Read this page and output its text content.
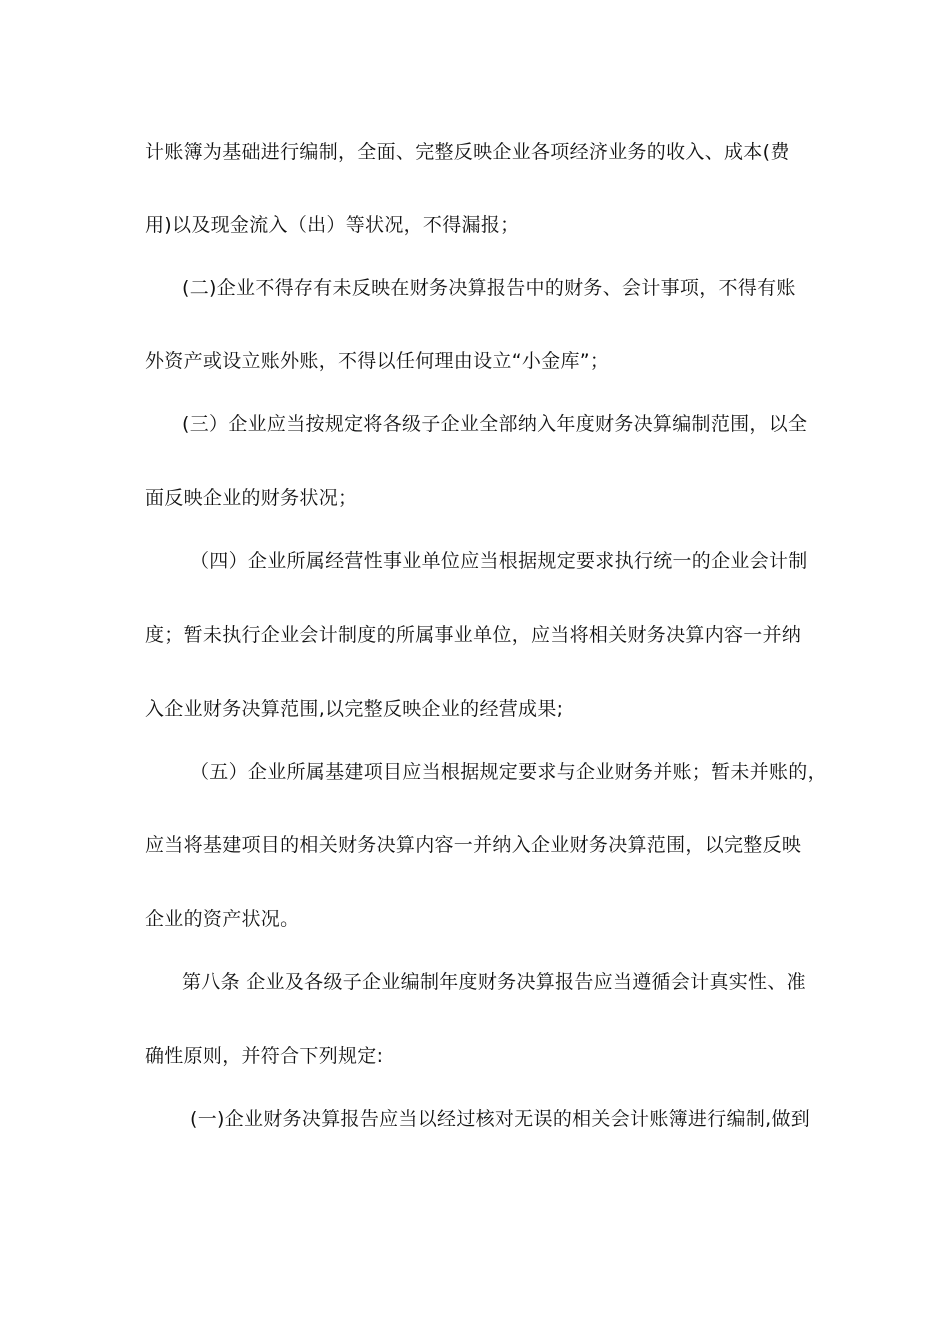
计账簿为基础进行编制，全面、完整反映企业各项经济业务的收入、成本(费
用)以及现金流入（出）等状况，不得漏报；
(二)企业不得存有未反映在财务决算报告中的财务、会计事项，不得有账
外资产或设立账外账，不得以任何理由设立“小金库”；
(三）企业应当按规定将各级子企业全部纳入年度财务决算编制范围，以全
面反映企业的财务状况；
（四）企业所属经营性事业单位应当根据规定要求执行统一的企业会计制
度；暂未执行企业会计制度的所属事业单位，应当将相关财务决算内容一并纳
入企业财务决算范围,以完整反映企业的经营成果;
（五）企业所属基建项目应当根据规定要求与企业财务并账；暂未并账的，
应当将基建项目的相关财务决算内容一并纳入企业财务决算范围，以完整反映
企业的资产状况。
第八条 企业及各级子企业编制年度财务决算报告应当遵循会计真实性、准
确性原则，并符合下列规定:
(一)企业财务决算报告应当以经过核对无误的相关会计账簿进行编制,做到
